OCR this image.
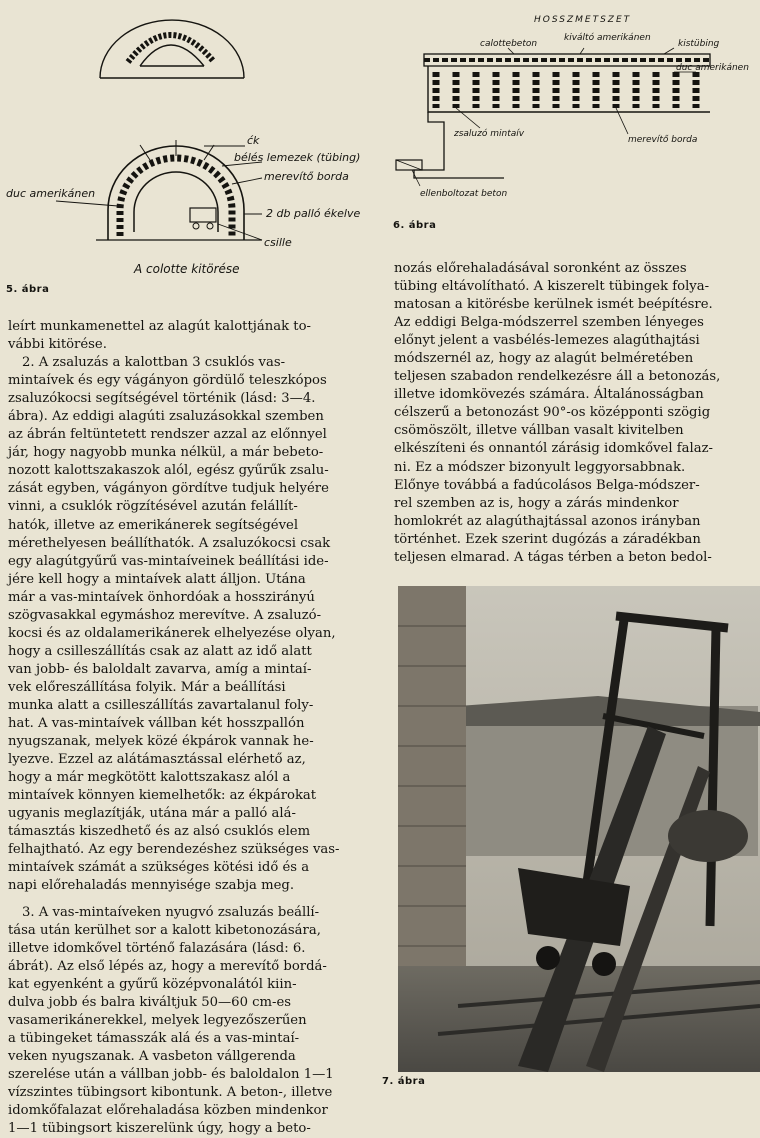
ćk
bélés lemezek (tübing)
merevítő borda
duc amerikánen
2 db palló ékelve
csille
A colotte kitörése
5. ábra
HOSSZMETSZET
calottebeton
kiváltó amerikánen
kistübing
duc amerikánen
zsaluzó mintaív
merevítő borda
ellenboltozat beton
6. ábra

leírt munkamenettel az alagút kalottjának to-

vábbi kitörése.

2. A zsaluzás a kalottban 3 csuklós vas-

mintaívek és egy vágányon gördülő teleszkópos

zsaluzókocsi segítségével történik (lásd: 3—4.

ábra). Az eddigi alagúti zsaluzásokkal szemben

az ábrán feltüntetett rendszer azzal az előnnyel

jár, hogy nagyobb munka nélkül, a már bebeto-

nozott kalottszakaszok alól, egész gyűrűk zsalu-

zását egyben, vágányon gördítve tudjuk helyére

vinni, a csuklók rögzítésével azután felállít-

hatók, illetve az emerikánerek segítségével

mérethelyesen beállíthatók. A zsaluzókocsi csak

egy alagútgyűrű vas-mintaíveinek beállítási ide-

jére kell hogy a mintaívek alatt álljon. Utána

már a vas-mintaívek önhordóak a hosszirányú

szögvasakkal egymáshoz merevítve. A zsaluzó-

kocsi és az oldalamerikánerek elhelyezése olyan,

hogy a csilleszállítás csak az alatt az idő alatt

van jobb- és baloldalt zavarva, amíg a mintaí-

vek előreszállítása folyik. Már a beállítási

munka alatt a csilleszállítás zavartalanul foly-

hat. A vas-mintaívek vállban két hosszpallón

nyugszanak, melyek közé ékpárok vannak he-

lyezve. Ezzel az alátámasztással elérhető az,

hogy a már megkötött kalottszakasz alól a

mintaívek könnyen kiemelhetők: az ékpárokat

ugyanis meglazítják, utána már a palló alá-

támasztás kiszedhető és az alsó csuklós elem

felhajtható. Az egy berendezéshez szükséges vas-

mintaívek számát a szükséges kötési idő és a

napi előrehaladás mennyisége szabja meg.

3. A vas-mintaíveken nyugvó zsaluzás beállí-

tása után kerülhet sor a kalott kibetonozására,

illetve idomkővel történő falazására (lásd: 6.

ábrát). Az első lépés az, hogy a merevítő bordá-

kat egyenként a gyűrű középvonalától kiin-

dulva jobb és balra kiváltjuk 50—60 cm-es

vasamerikánerekkel, melyek legyezőszerűen

a tübingeket támasszák alá és a vas-mintaí-

veken nyugszanak. A vasbeton vállgerenda

szerelése után a vállban jobb- és baloldalon 1—1

vízszintes tübingsort kibontunk. A beton-, illetve

idomkőfalazat előrehaladása közben mindenkor

1—1 tübingsort kiszerelünk úgy, hogy a beto-

nozás előrehaladásával soronként az összes

tübing eltávolítható. A kiszerelt tübingek folya-

matosan a kitörésbe kerülnek ismét beépítésre.

Az eddigi Belga-módszerrel szemben lényeges

előnyt jelent a vasbélés-lemezes alagúthajtási

módszernél az, hogy az alagút belméretében

teljesen szabadon rendelkezésre áll a betonozás,

illetve idomkövezés számára. Általánosságban

célszerű a betonozást 90°-os középponti szögig

csömöszölt, illetve vállban vasalt kivitelben

elkészíteni és onnantól zárásig idomkővel falaz-

ni. Ez a módszer bizonyult leggyorsabbnak.

Előnye továbbá a fadúcolásos Belga-módszer-

rel szemben az is, hogy a zárás mindenkor

homlokrét az alagúthajtással azonos irányban

történhet. Ezek szerint dugózás a záradékban

teljesen elmarad. A tágas térben a beton bedol-

7. ábra
